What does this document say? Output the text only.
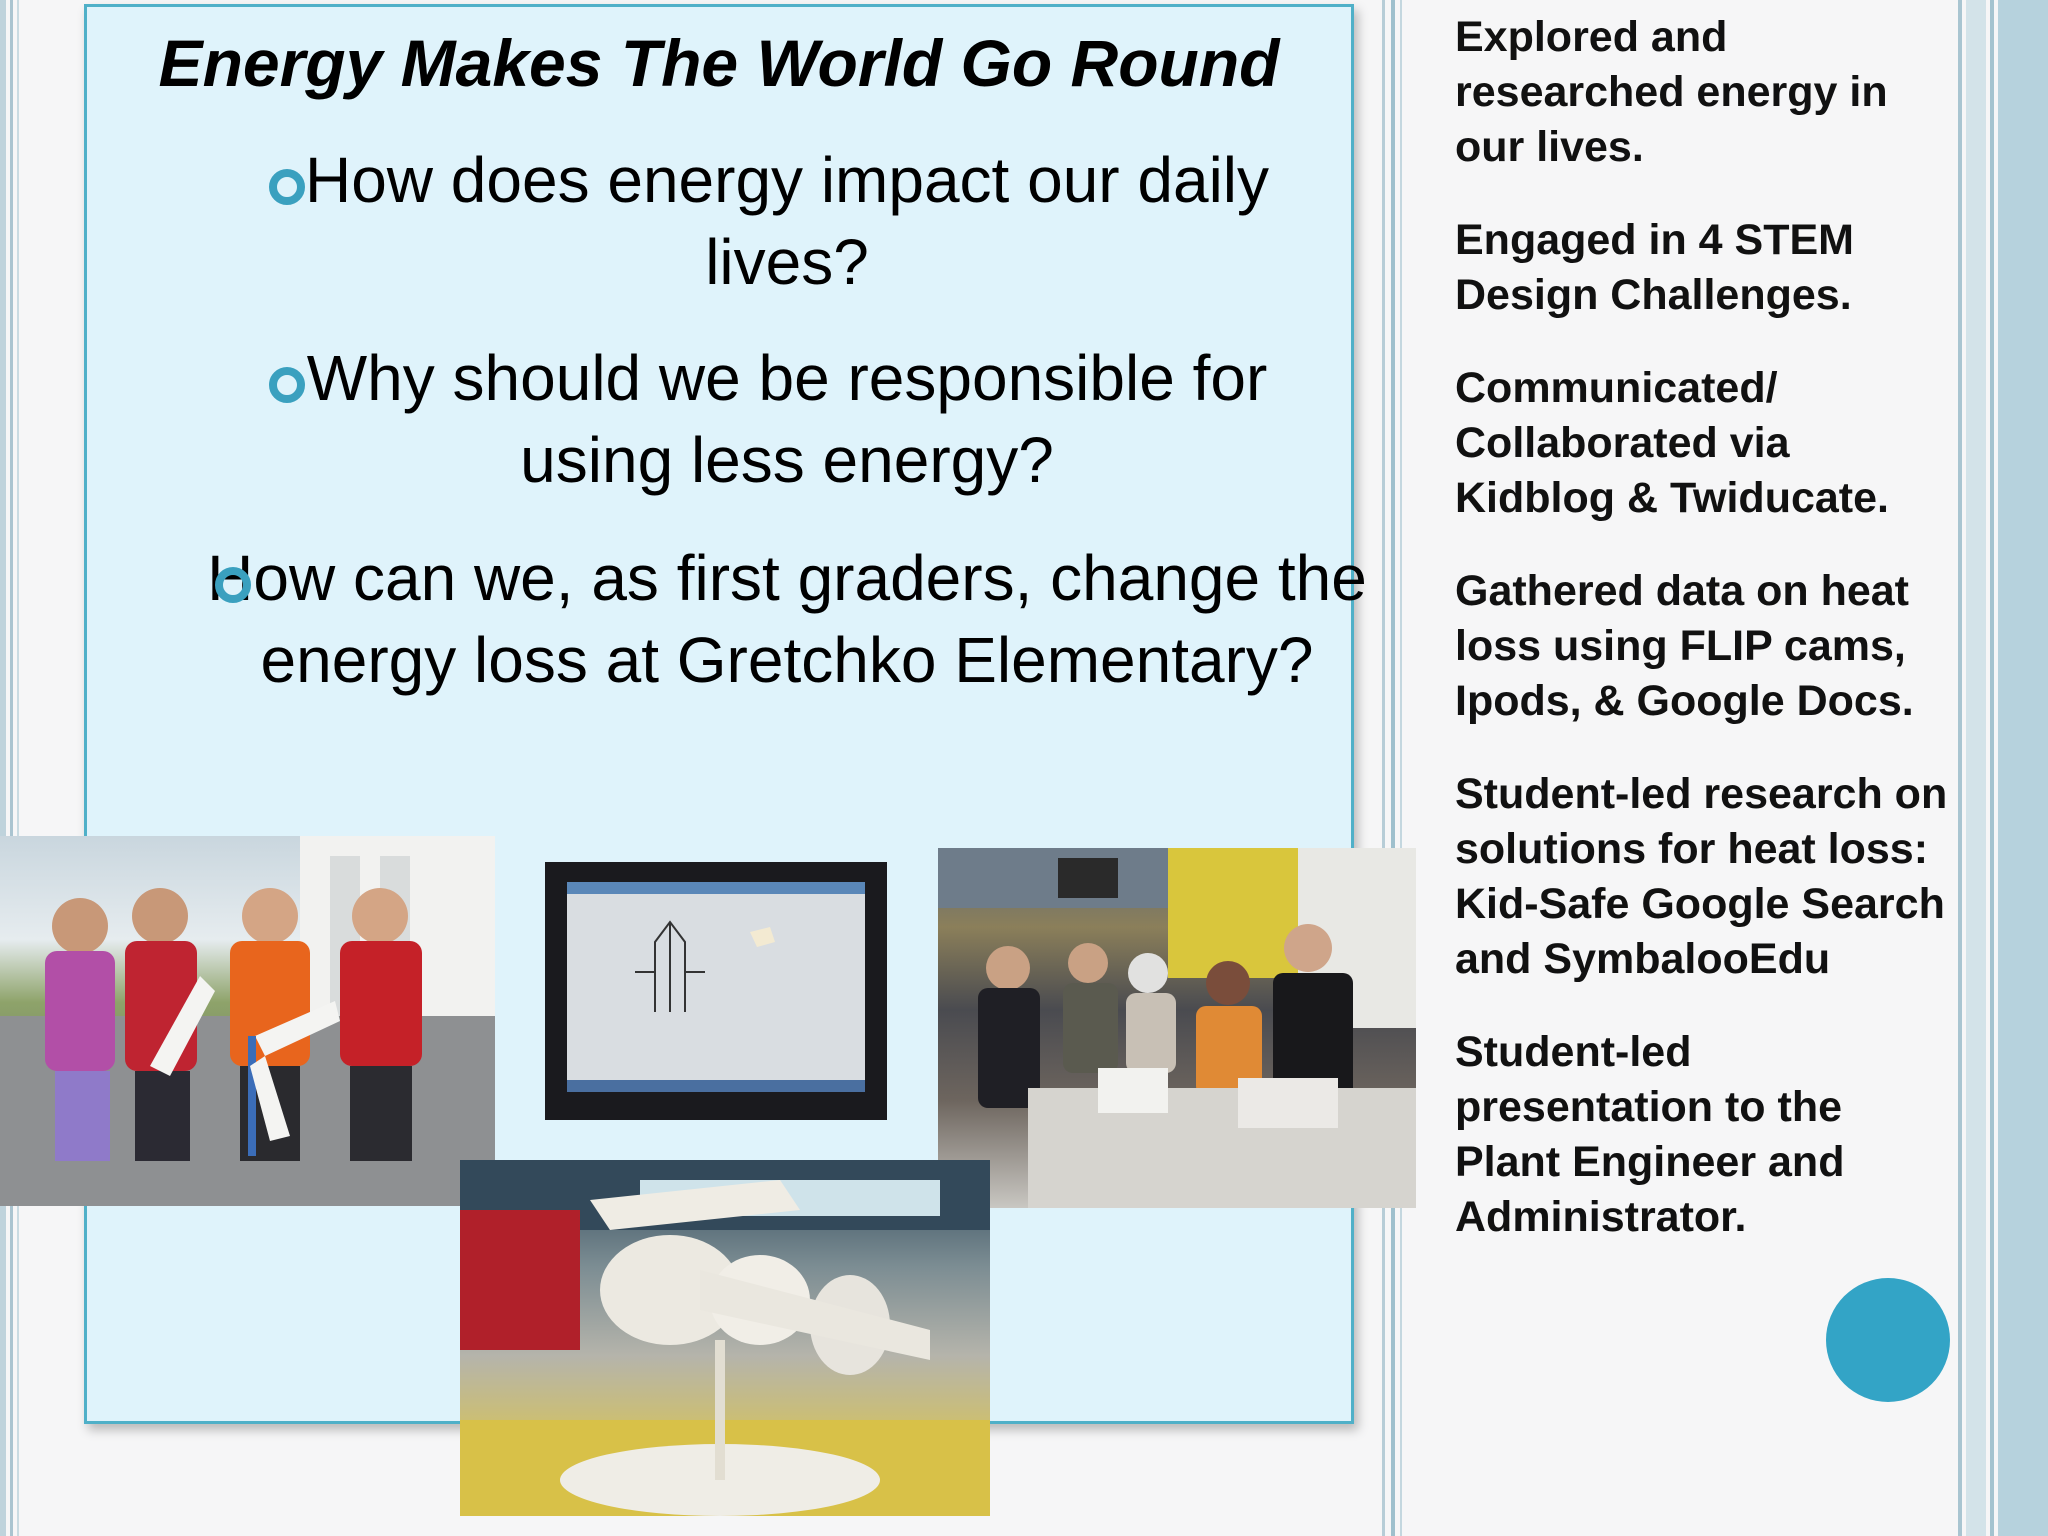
Energy Makes The World Go Round
How does energy impact our daily lives?
Why should we be responsible for using less energy?
How can we, as first graders, change the energy loss at Gretchko Elementary?
Explored and researched energy in our lives.
Engaged in 4 STEM Design Challenges.
Communicated/ Collaborated via Kidblog & Twiducate.
Gathered data on heat loss using FLIP cams, Ipods, & Google Docs.
Student-led research on solutions for heat loss: Kid-Safe Google Search and SymbalooEdu
Student-led presentation to the Plant Engineer and Administrator.
